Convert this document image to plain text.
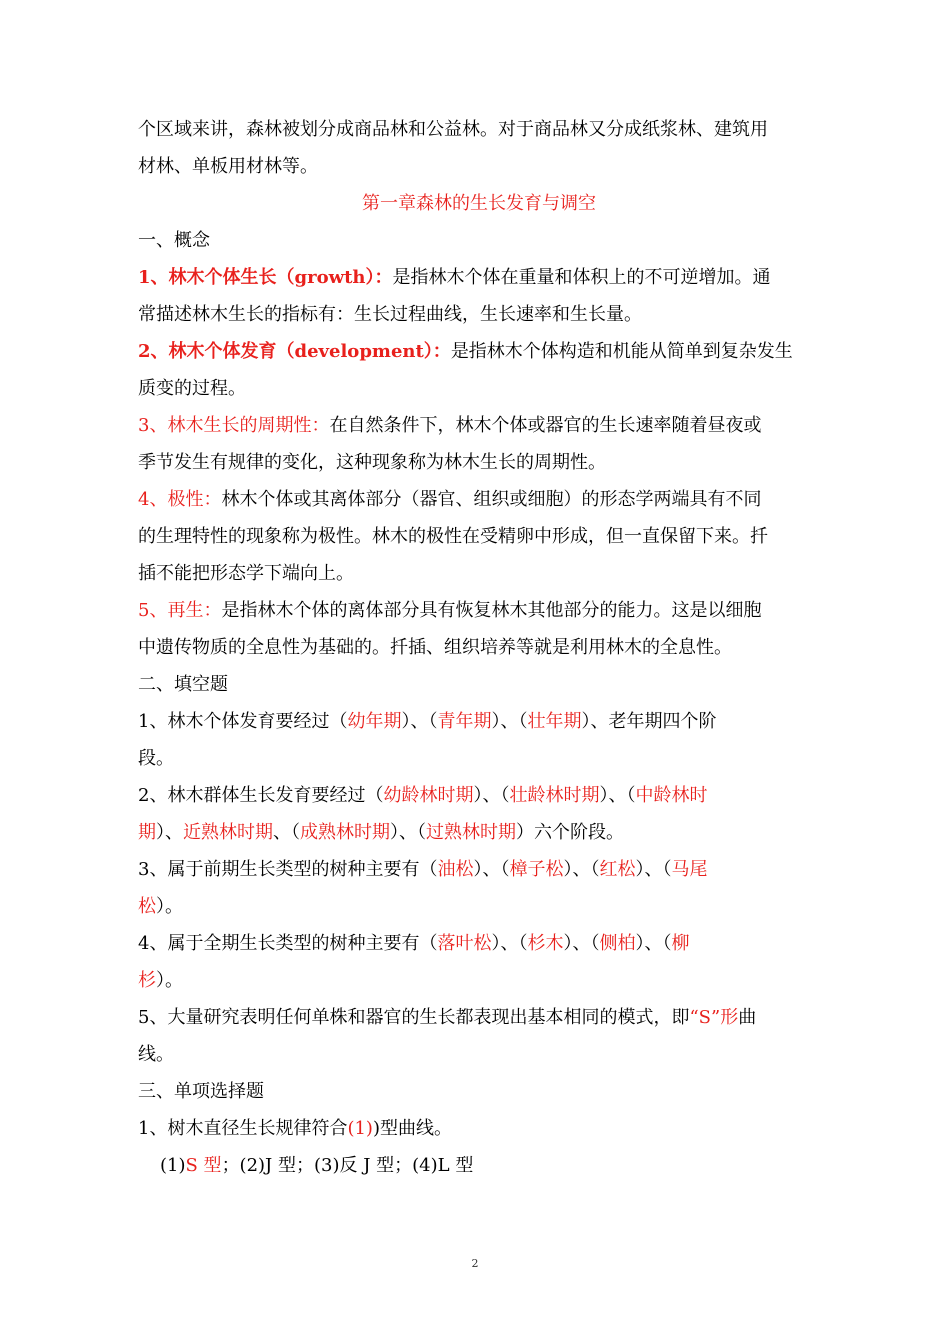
个区域来讲，森林被划分成商品林和公益林。对于商品林又分成纸浆林、建筑用
材林、单板用材林等。
第一章森林的生长发育与调空
一、概念
1、林木个体生长（growth）：是指林木个体在重量和体积上的不可逆增加。通
常描述林木生长的指标有：生长过程曲线，生长速率和生长量。
2、林木个体发育（development）：是指林木个体构造和机能从简单到复杂发生
质变的过程。
3、林木生长的周期性：在自然条件下，林木个体或器官的生长速率随着昼夜或
季节发生有规律的变化，这种现象称为林木生长的周期性。
4、极性：林木个体或其离体部分（器官、组织或细胞）的形态学两端具有不同
的生理特性的现象称为极性。林木的极性在受精卵中形成，但一直保留下来。扦
插不能把形态学下端向上。
5、再生：是指林木个体的离体部分具有恢复林木其他部分的能力。这是以细胞
中遗传物质的全息性为基础的。扦插、组织培养等就是利用林木的全息性。
二、填空题
1、林木个体发育要经过（幼年期）、（青年期）、（壮年期）、老年期四个阶
段。
2、林木群体生长发育要经过（幼龄林时期）、（壮龄林时期）、（中龄林时
期）、近熟林时期、（成熟林时期）、（过熟林时期）六个阶段。
3、属于前期生长类型的树种主要有（油松）、（樟子松）、（红松）、（马尾
松）。
4、属于全期生长类型的树种主要有（落叶松）、（杉木）、（侧柏）、（柳
杉）。
5、大量研究表明任何单株和器官的生长都表现出基本相同的模式，即“S”形曲
线。
三、单项选择题
1、树木直径生长规律符合(1))型曲线。
(1)S 型；(2)J 型；(3)反 J 型；(4)L 型
2
